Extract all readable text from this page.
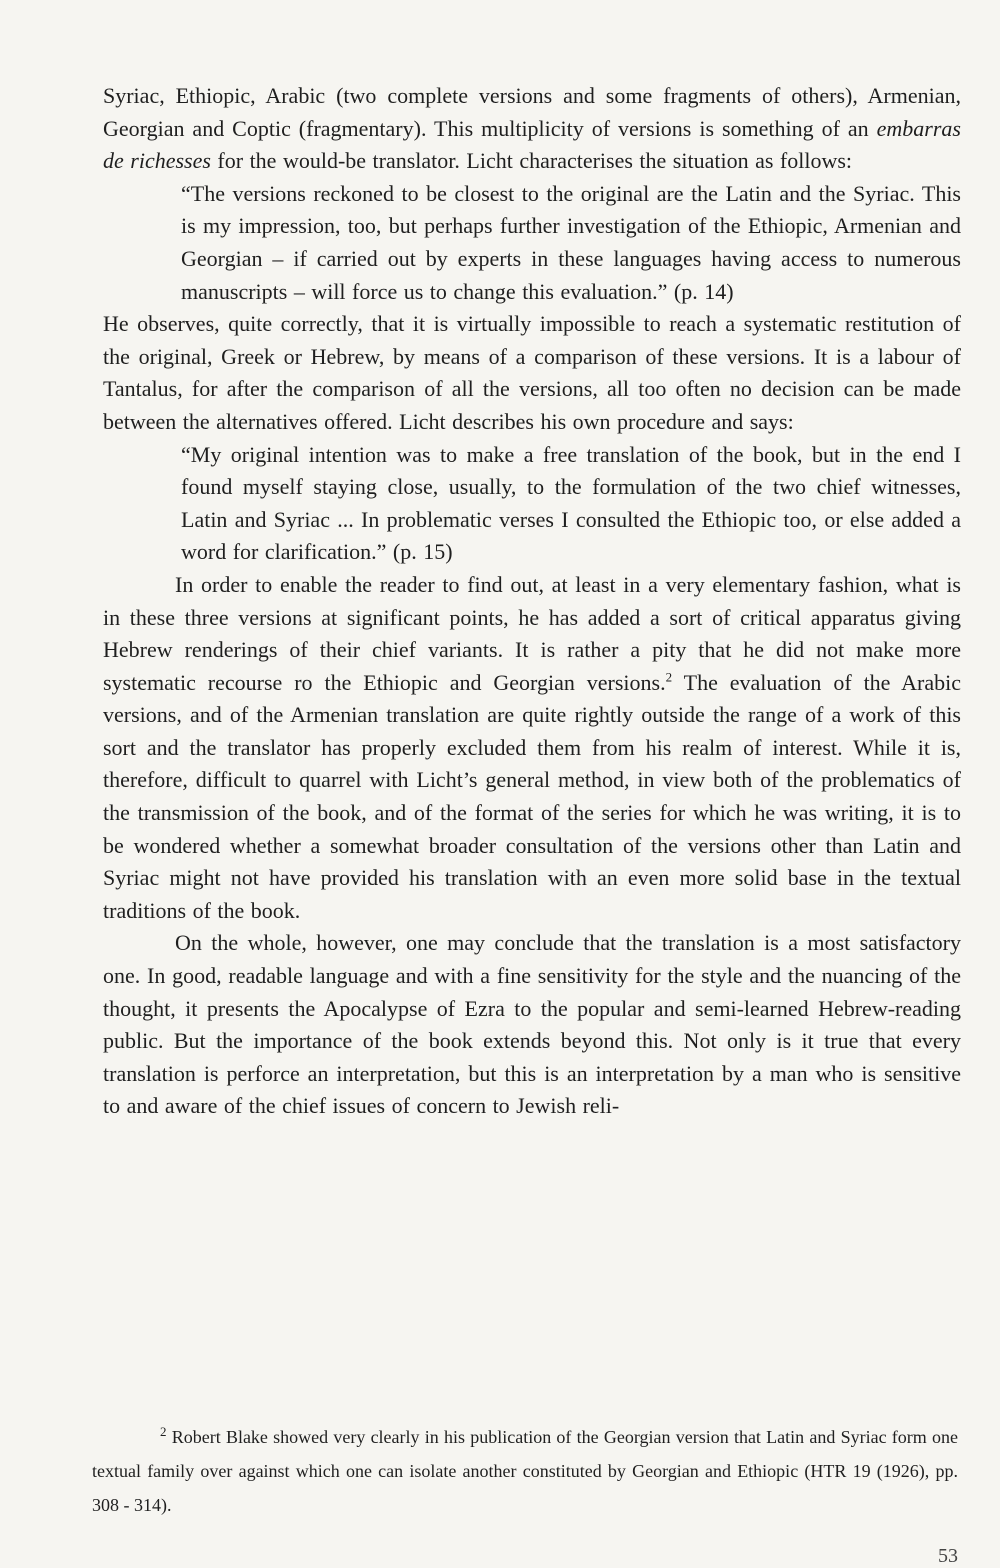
Syriac, Ethiopic, Arabic (two complete versions and some fragments of others), Armenian, Georgian and Coptic (fragmentary). This multiplicity of versions is something of an embarras de richesses for the would-be translator. Licht characterises the situation as follows:

“The versions reckoned to be closest to the original are the Latin and the Syriac. This is my impression, too, but perhaps further investigation of the Ethiopic, Armenian and Georgian – if carried out by experts in these languages having access to numerous manuscripts – will force us to change this evaluation.” (p. 14)

He observes, quite correctly, that it is virtually impossible to reach a systematic restitution of the original, Greek or Hebrew, by means of a comparison of these versions. It is a labour of Tantalus, for after the comparison of all the versions, all too often no decision can be made between the alternatives offered. Licht describes his own procedure and says:

“My original intention was to make a free translation of the book, but in the end I found myself staying close, usually, to the formulation of the two chief witnesses, Latin and Syriac ... In problematic verses I consulted the Ethiopic too, or else added a word for clarification.” (p. 15)

In order to enable the reader to find out, at least in a very elementary fashion, what is in these three versions at significant points, he has added a sort of critical apparatus giving Hebrew renderings of their chief variants. It is rather a pity that he did not make more systematic recourse ro the Ethiopic and Georgian versions.$^2$ The evaluation of the Arabic versions, and of the Armenian translation are quite rightly outside the range of a work of this sort and the translator has properly excluded them from his realm of interest. While it is, therefore, difficult to quarrel with Licht’s general method, in view both of the problematics of the transmission of the book, and of the format of the series for which he was writing, it is to be wondered whether a somewhat broader consultation of the versions other than Latin and Syriac might not have provided his translation with an even more solid base in the textual traditions of the book.

On the whole, however, one may conclude that the translation is a most satisfactory one. In good, readable language and with a fine sensitivity for the style and the nuancing of the thought, it presents the Apocalypse of Ezra to the popular and semi-learned Hebrew-reading public. But the importance of the book extends beyond this. Not only is it true that every translation is perforce an interpretation, but this is an interpretation by a man who is sensitive to and aware of the chief issues of concern to Jewish reli-

$^2$ Robert Blake showed very clearly in his publication of the Georgian version that Latin and Syriac form one textual family over against which one can isolate another constituted by Georgian and Ethiopic (HTR 19 (1926), pp. 308 - 314).

53
